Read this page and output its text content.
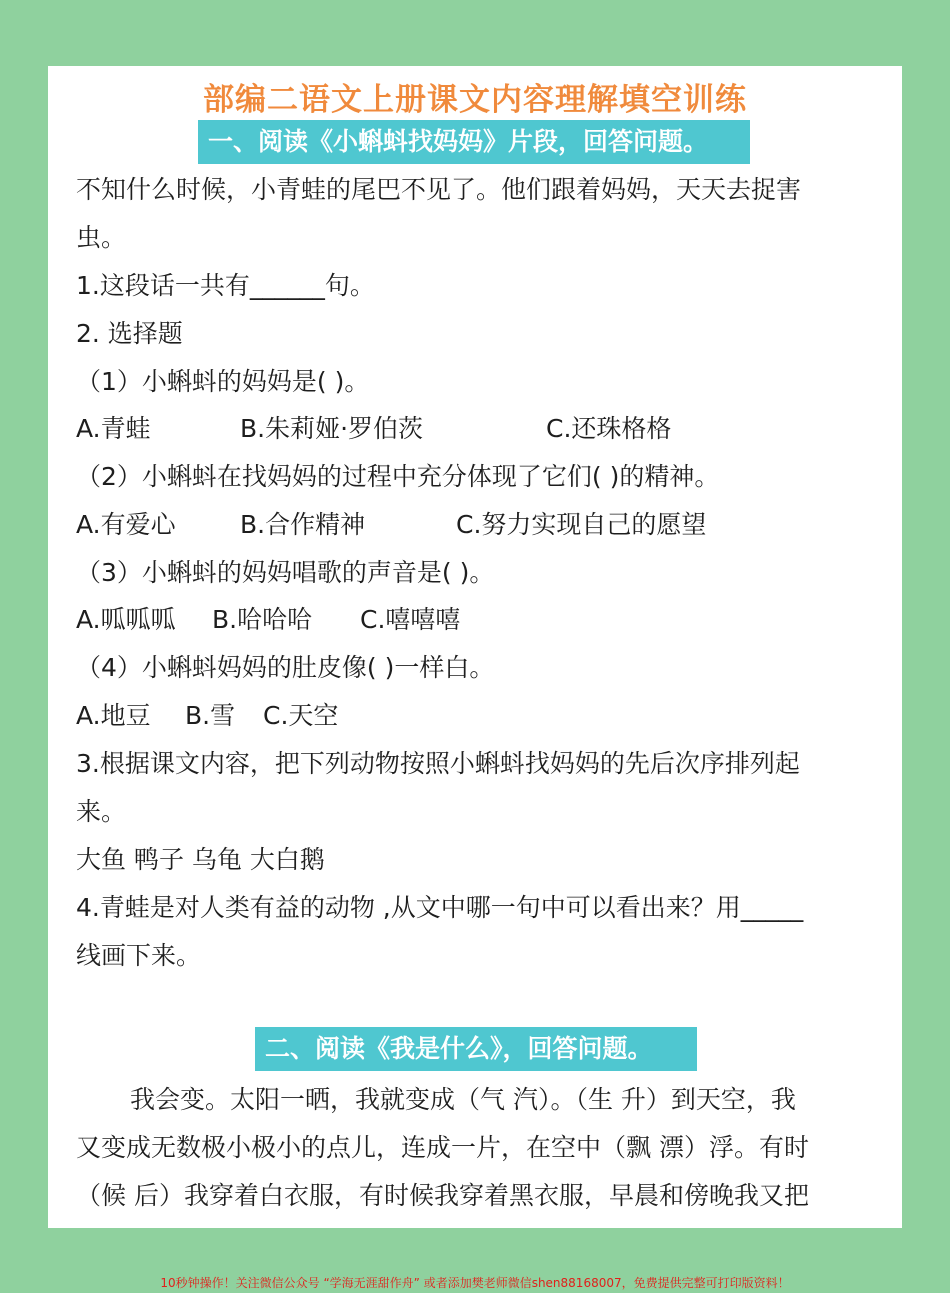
部编二语文上册课文内容理解填空训练
一、阅读《小蝌蚪找妈妈》片段，回答问题。
不知什么时候，小青蛙的尾巴不见了。他们跟着妈妈，天天去捉害
虫。
1.这段话一共有______句。
2. 选择题
（1）小蝌蚪的妈妈是( )。
A.青蛙	B.朱莉娅·罗伯茨	C.还珠格格
（2）小蝌蚪在找妈妈的过程中充分体现了它们( )的精神。
A.有爱心	B.合作精神	C.努力实现自己的愿望
（3）小蝌蚪的妈妈唱歌的声音是( )。
A.呱呱呱 B.哈哈哈 C.嘻嘻嘻
（4）小蝌蚪妈妈的肚皮像( )一样白。
A.地豆 B.雪 C.天空
3.根据课文内容，把下列动物按照小蝌蚪找妈妈的先后次序排列起
来。
大鱼 鸭子 乌龟 大白鹅
4.青蛙是对人类有益的动物 ,从文中哪一句中可以看出来？用_____
线画下来。
二、阅读《我是什么》，回答问题。
我会变。太阳一晒，我就变成（气 汽）。（生 升）到天空，我
又变成无数极小极小的点儿，连成一片，在空中（飘 漂）浮。有时
（候 后）我穿着白衣服，有时候我穿着黑衣服，早晨和傍晚我又把
10秒钟操作！关注微信公众号 “学海无涯甜作舟” 或者添加樊老师微信shen88168007，免费提供完整可打印版资料！
